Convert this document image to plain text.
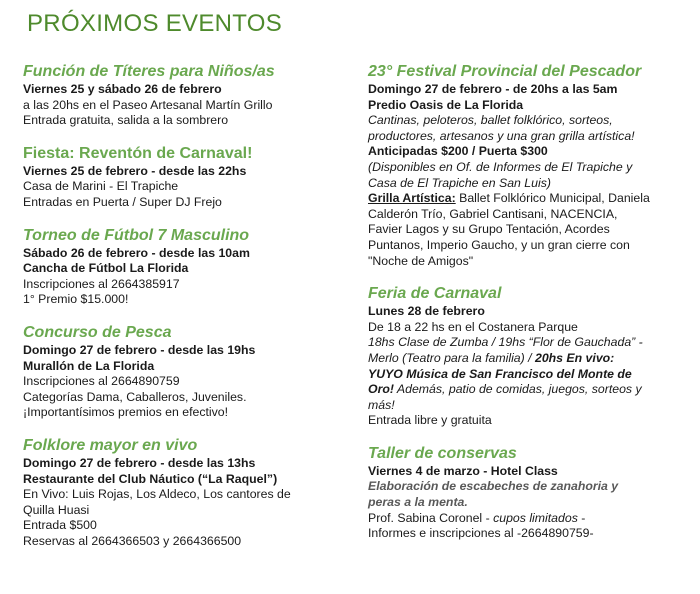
PRÓXIMOS EVENTOS
Función de Títeres para Niños/as
Viernes 25 y sábado 26 de febrero
a las 20hs en el Paseo Artesanal Martín Grillo
Entrada gratuita, salida a la sombrero
Fiesta: Reventón de Carnaval!
Viernes 25 de febrero - desde las 22hs
Casa de Marini - El Trapiche
Entradas en Puerta / Super DJ Frejo
Torneo de Fútbol 7 Masculino
Sábado 26 de febrero - desde las 10am
Cancha de Fútbol La Florida
Inscripciones al 2664385917
1° Premio $15.000!
Concurso de Pesca
Domingo 27 de febrero - desde las 19hs
Murallón de La Florida
Inscripciones al 2664890759
Categorías Dama, Caballeros, Juveniles.
¡Importantísimos premios en efectivo!
Folklore mayor en vivo
Domingo 27 de febrero - desde las 13hs
Restaurante del Club Náutico (“La Raquel”)
En Vivo: Luis Rojas, Los Aldeco, Los cantores de
Quilla Huasi
Entrada $500
Reservas al 2664366503 y 2664366500
23° Festival Provincial del Pescador
Domingo 27 de febrero - de 20hs a las 5am
Predio Oasis de La Florida
Cantinas, peloteros, ballet folklórico, sorteos,
productores, artesanos y una gran grilla artística!
Anticipadas $200 / Puerta $300
(Disponibles en Of. de Informes de El Trapiche y
Casa de El Trapiche en San Luis)
Grilla Artística: Ballet Folklórico Municipal, Daniela
Calderón Trío, Gabriel Cantisani, NACENCIA,
Favier Lagos y su Grupo Tentación, Acordes
Puntanos, Imperio Gaucho, y un gran cierre con
"Noche de Amigos"
Feria de Carnaval
Lunes 28 de febrero
De 18 a 22 hs en el Costanera Parque
18hs Clase de Zumba / 19hs “Flor de Gauchada” -
Merlo (Teatro para la familia) / 20hs En vivo:
YUYO Música de San Francisco del Monte de
Oro! Además, patio de comidas, juegos, sorteos y
más!
Entrada libre y gratuita
Taller de conservas
Viernes 4 de marzo - Hotel Class
Elaboración de escabeches de zanahoria y
peras a la menta.
Prof. Sabina Coronel - cupos limitados -
Informes e inscripciones al -2664890759-
